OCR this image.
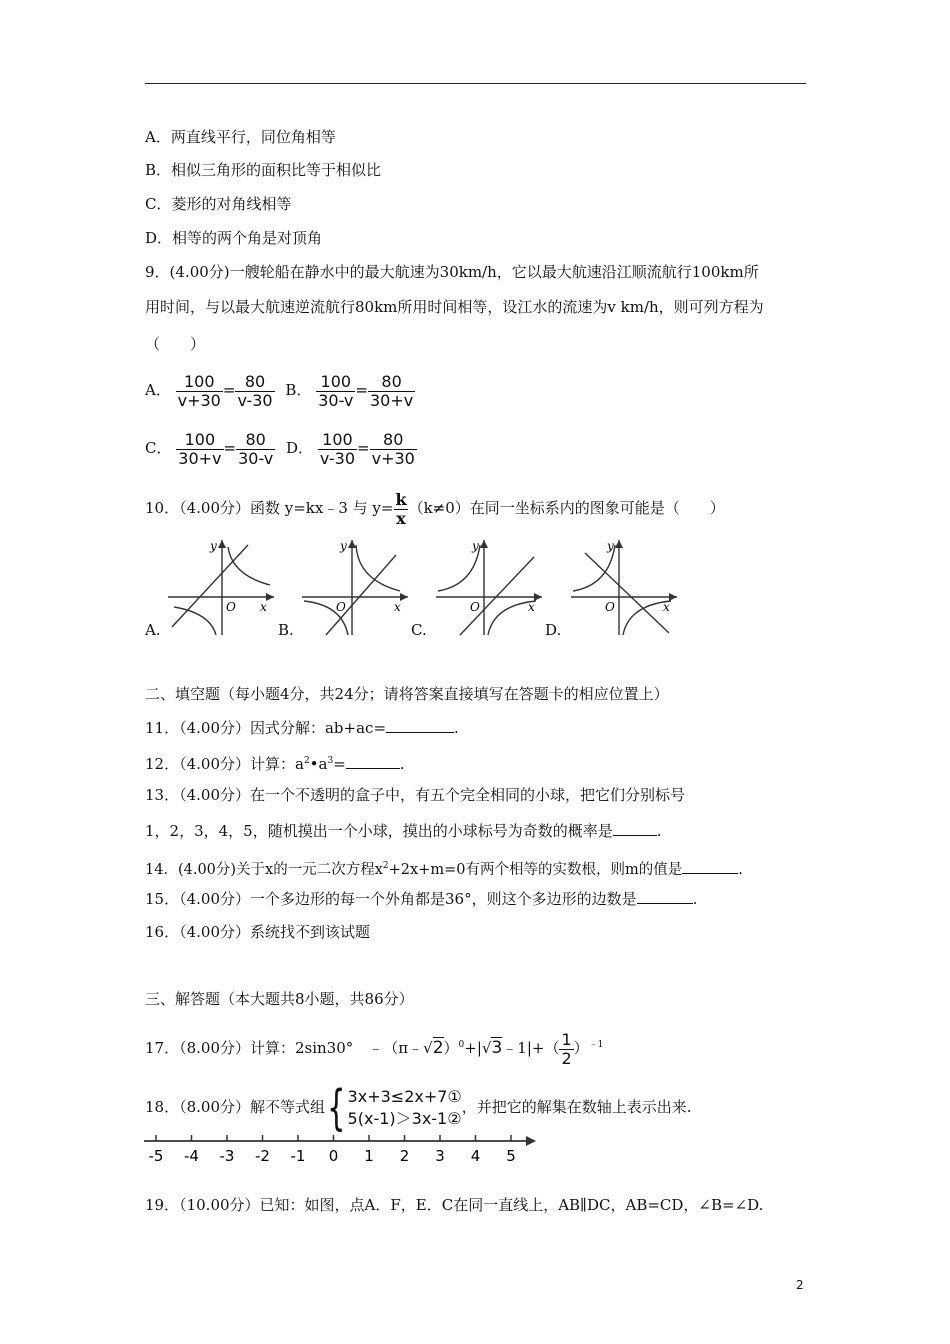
A．两直线平行，同位角相等
B．相似三角形的面积比等于相似比
C．菱形的对角线相等
D．相等的两个角是对顶角
9．(4.00分)一艘轮船在静水中的最大航速为30km/h，它以最大航速沿江顺流航行100km所
用时间，与以最大航速逆流航行80km所用时间相等，设江水的流速为v km/h，则可列方程为
（　　）
A． $\frac{100}{v+30} = \frac{80}{v-30}$ B． $\frac{100}{30-v} = \frac{80}{30+v}$
C． $\frac{100}{30+v} = \frac{80}{30-v}$ D． $\frac{100}{v-30} = \frac{80}{v+30}$
10．（4.00分）函数 y=kx﹣3 与 $y= \frac{k}{x} (k\ne 0)$在同一坐标系内的图象可能是（　　）
y
x
O
A.
y
x
O
B.
y
x
O
C.
y
x
O
D.
二、填空题（每小题4分，共24分；请将答案直接填写在答题卡的相应位置上）
11．（4.00分）因式分解：ab+ac=	.
12．（4.00分）计算：$a^2•a^3=$	.
13．（4.00分）在一个不透明的盒子中，有五个完全相同的小球，把它们分别标号
1，2，3，4，5，随机摸出一个小球，摸出的小球标号为奇数的概率是	.
14．(4.00分)关于x的一元二次方程$x^2+2x+m=0$有两个相等的实数根，则m的值是	.
15．（4.00分）一个多边形的每一个外角都是36°，则这个多边形的边数是	.
16．（4.00分）系统找不到该试题
三、解答题（本大题共8小题，共86分）
17．（8.00分）计算：2sin30°　﹣（π﹣√2）$^0$+|√3﹣1|+（ $\frac{1}{2} )^{﹣1}$
18．（8.00分）解不等式组{ 3x+3≤2x+7①
5(x-1)＞3x-1②
，并把它的解集在数轴上表示出来.
-5 -4 -3 -2 -1 0 1 2 3 4 5
19．（10.00分）已知：如图，点A．F，E．C在同一直线上，AB∥DC，AB=CD，∠B=∠D.
2
